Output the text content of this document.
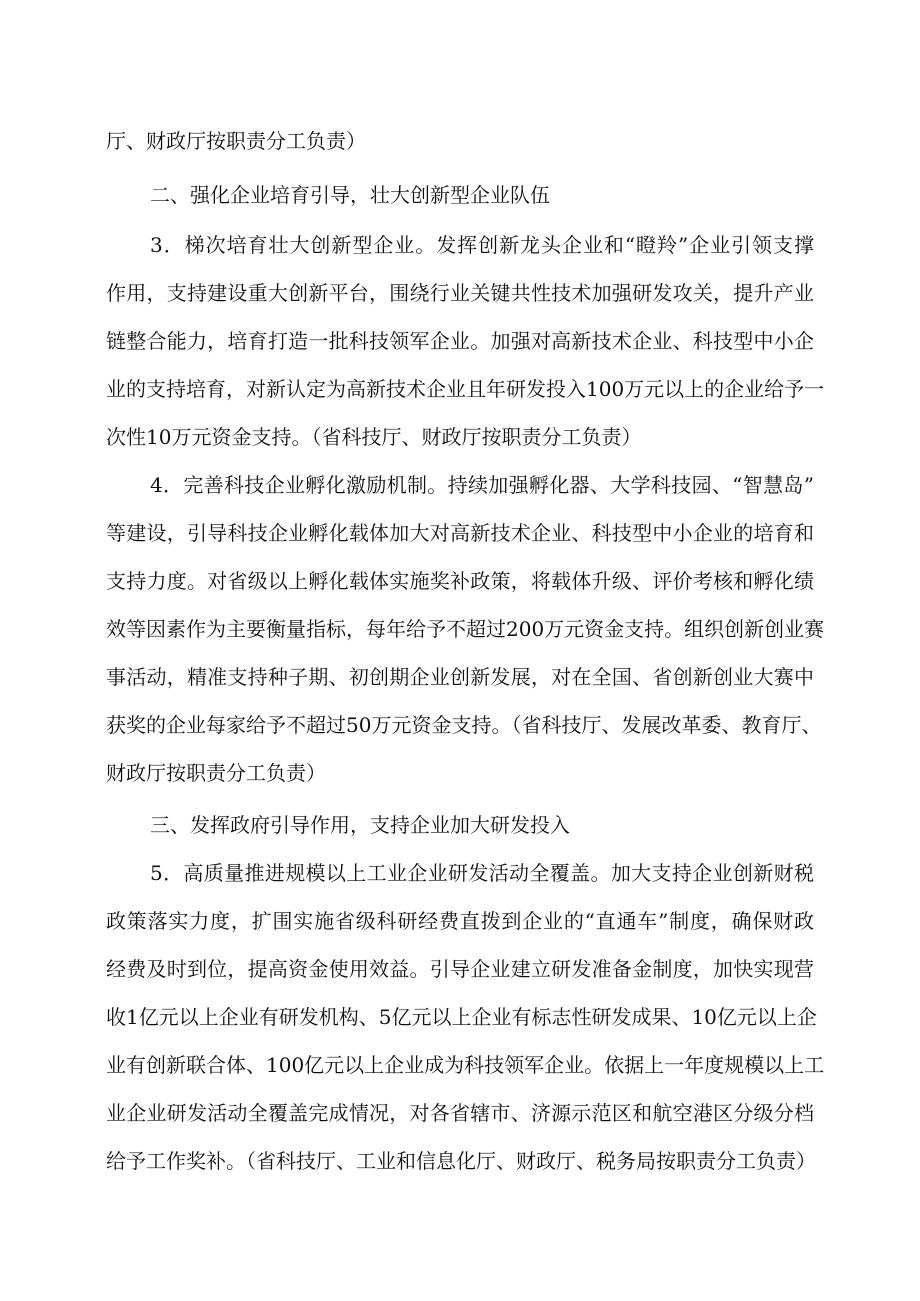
厅、财政厅按职责分工负责）
二、强化企业培育引导，壮大创新型企业队伍
3．梯次培育壮大创新型企业。发挥创新龙头企业和“瞪羚”企业引领支撑
作用，支持建设重大创新平台，围绕行业关键共性技术加强研发攻关，提升产业
链整合能力，培育打造一批科技领军企业。加强对高新技术企业、科技型中小企
业的支持培育，对新认定为高新技术企业且年研发投入100万元以上的企业给予一
次性10万元资金支持。（省科技厅、财政厅按职责分工负责）
4．完善科技企业孵化激励机制。持续加强孵化器、大学科技园、“智慧岛”
等建设，引导科技企业孵化载体加大对高新技术企业、科技型中小企业的培育和
支持力度。对省级以上孵化载体实施奖补政策，将载体升级、评价考核和孵化绩
效等因素作为主要衡量指标，每年给予不超过200万元资金支持。组织创新创业赛
事活动，精准支持种子期、初创期企业创新发展，对在全国、省创新创业大赛中
获奖的企业每家给予不超过50万元资金支持。（省科技厅、发展改革委、教育厅、
财政厅按职责分工负责）
三、发挥政府引导作用，支持企业加大研发投入
5．高质量推进规模以上工业企业研发活动全覆盖。加大支持企业创新财税
政策落实力度，扩围实施省级科研经费直拨到企业的“直通车”制度，确保财政
经费及时到位，提高资金使用效益。引导企业建立研发准备金制度，加快实现营
收1亿元以上企业有研发机构、5亿元以上企业有标志性研发成果、10亿元以上企
业有创新联合体、100亿元以上企业成为科技领军企业。依据上一年度规模以上工
业企业研发活动全覆盖完成情况，对各省辖市、济源示范区和航空港区分级分档
给予工作奖补。（省科技厅、工业和信息化厅、财政厅、税务局按职责分工负责）
